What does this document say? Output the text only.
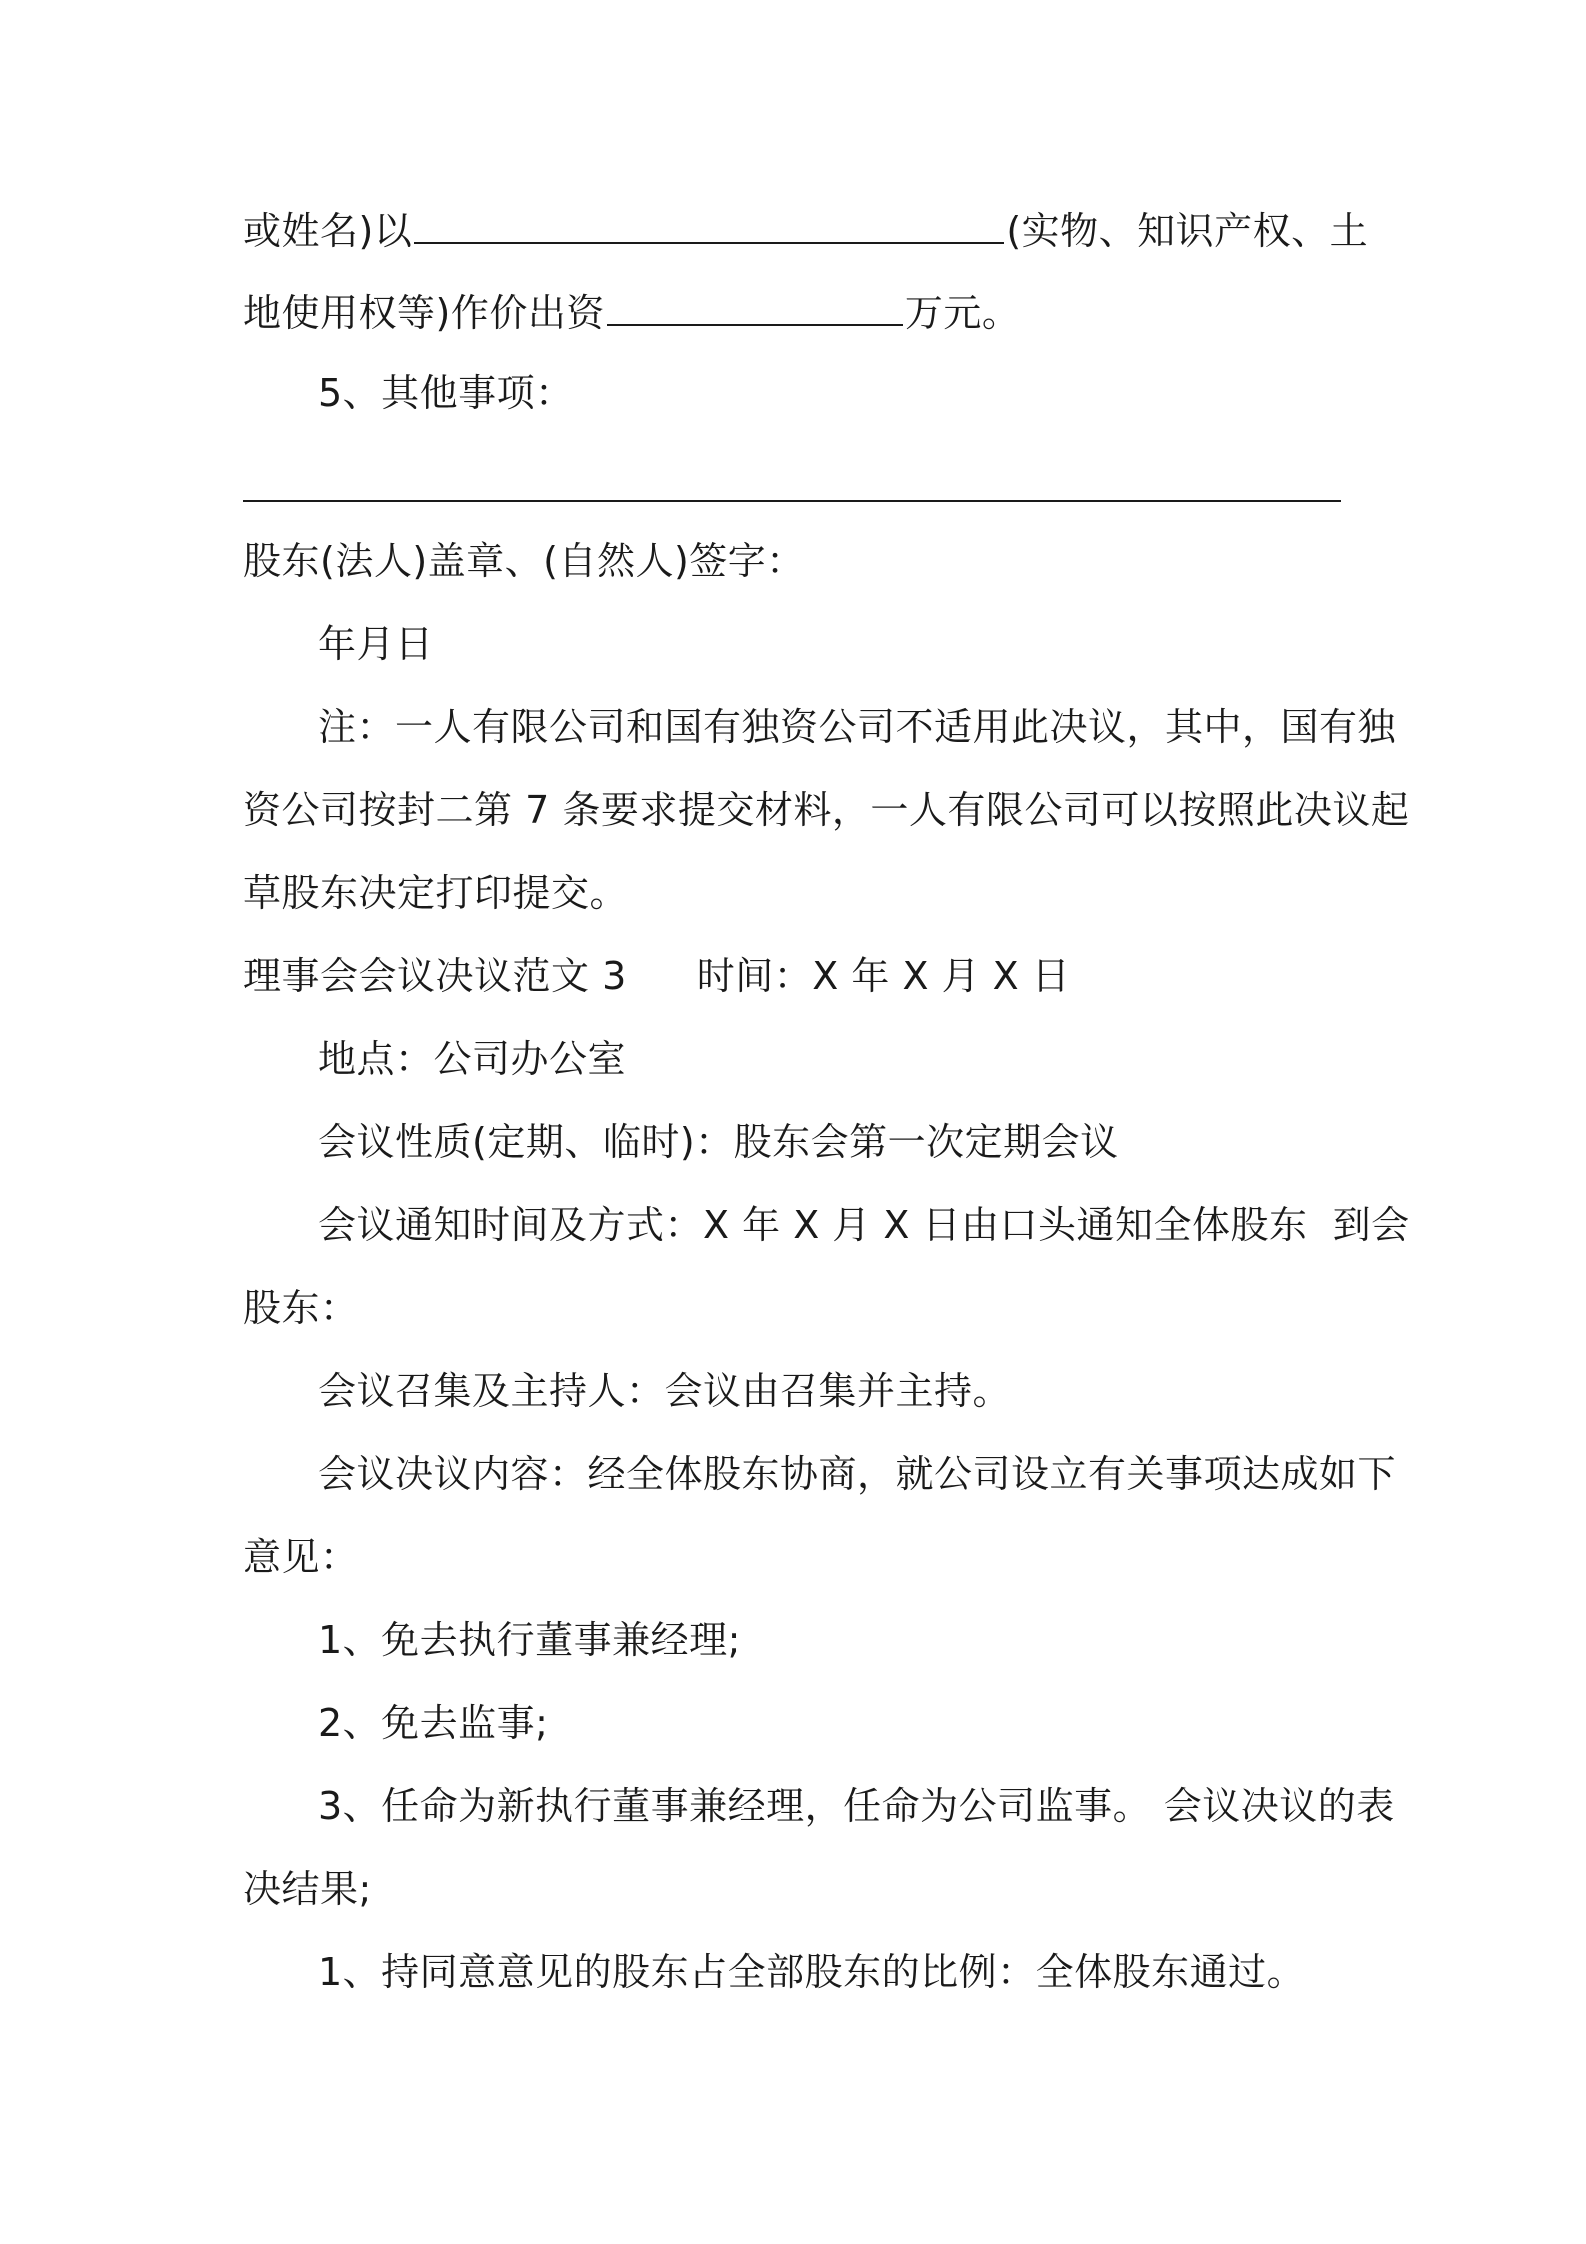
或姓名)以	(实物、知识产权、土
地使用权等)作价出资	万元。
5、其他事项：
股东(法人)盖章、(自然人)签字：
年月日
注：一人有限公司和国有独资公司不适用此决议，其中，国有独
资公司按封二第 7 条要求提交材料，一人有限公司可以按照此决议起
草股东决定打印提交。
理事会会议决议范文 3 时间：X 年 X 月 X 日
地点：公司办公室
会议性质(定期、临时)：股东会第一次定期会议
会议通知时间及方式：X 年 X 月 X 日由口头通知全体股东  到会
股东：
会议召集及主持人：会议由召集并主持。
会议决议内容：经全体股东协商，就公司设立有关事项达成如下
意见：
1、免去执行董事兼经理;
2、免去监事;
3、任命为新执行董事兼经理，任命为公司监事。 会议决议的表
决结果;
1、持同意意见的股东占全部股东的比例：全体股东通过。
